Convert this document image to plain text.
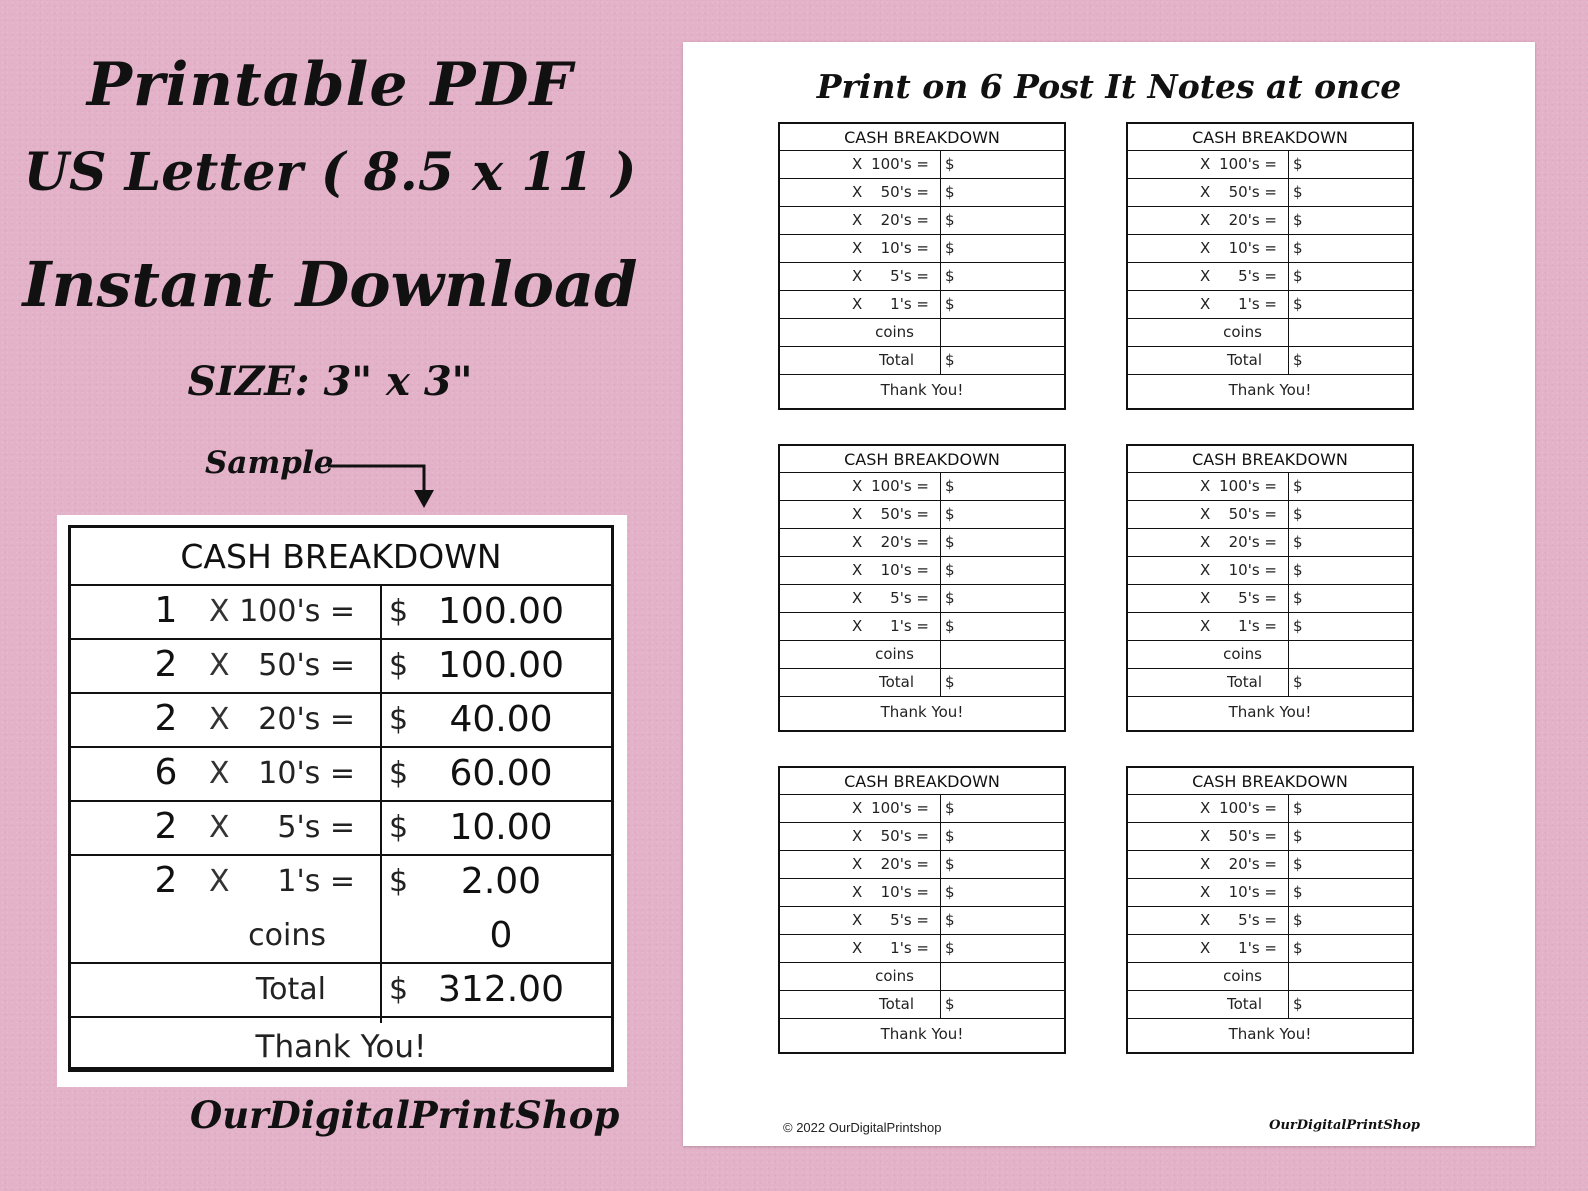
Printable PDF
US Letter ( 8.5 x 11 )
Instant Download
SIZE: 3" x 3"
Sample
CASH BREAKDOWN
1	X 100's = $ 100.00
2	X 50's = $ 100.00
2	X 20's = $	40.00
6	X 10's = $	60.00
2	X 5's = $	10.00
2	X 1's = $	2.00
coins	0
Total $ 312.00
Thank You!
OurDigitalPrintShop
Print on 6 Post It Notes at once
CASH BREAKDOWN
X 100's = $
X 50's = $
X 20's = $
X 10's = $
X 5's = $
X 1's = $
coins
Total $
Thank You!
CASH BREAKDOWN
X 100's = $
X 50's = $
X 20's = $
X 10's = $
X 5's = $
X 1's = $
coins
Total $
Thank You!
CASH BREAKDOWN
X 100's = $
X 50's = $
X 20's = $
X 10's = $
X 5's = $
X 1's = $
coins
Total $
Thank You!
CASH BREAKDOWN
X 100's = $
X 50's = $
X 20's = $
X 10's = $
X 5's = $
X 1's = $
coins
Total $
Thank You!
CASH BREAKDOWN
X 100's = $
X 50's = $
X 20's = $
X 10's = $
X 5's = $
X 1's = $
coins
Total $
Thank You!
CASH BREAKDOWN
X 100's = $
X 50's = $
X 20's = $
X 10's = $
X 5's = $
X 1's = $
coins
Total $
Thank You!
© 2022 OurDigitalPrintshop	OurDigitalPrintShop
